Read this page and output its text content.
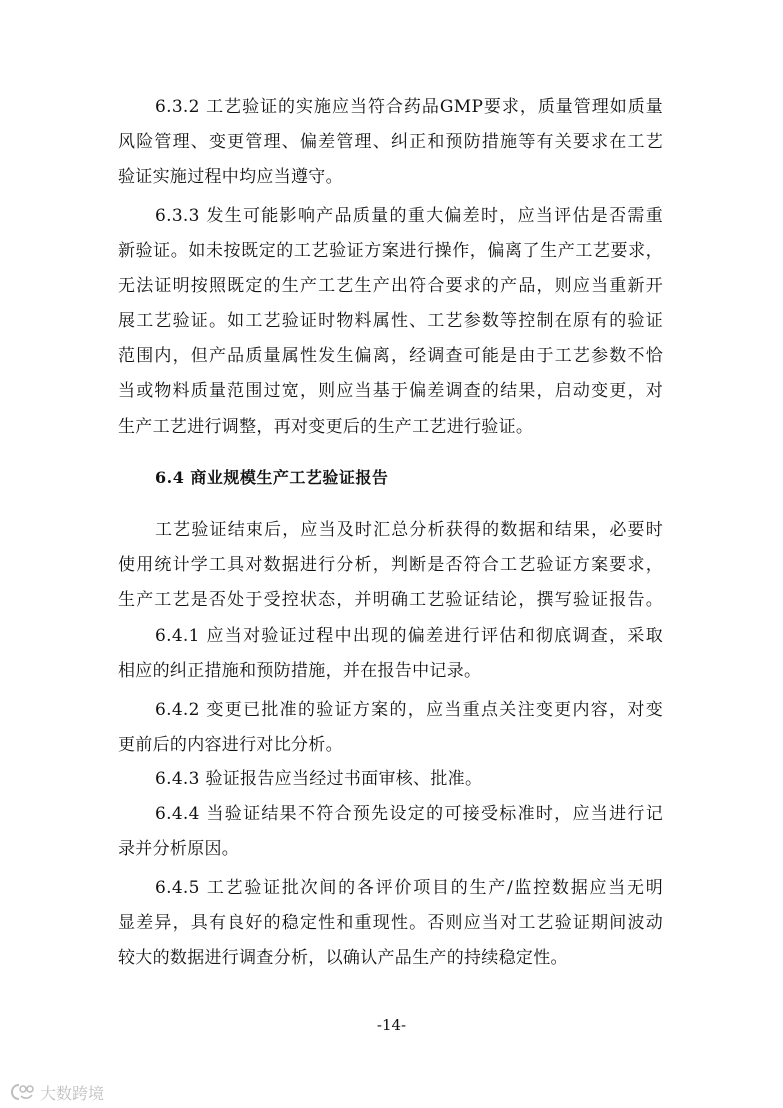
6.3.2 工艺验证的实施应当符合药品GMP要求，质量管理如质量
风险管理、变更管理、偏差管理、纠正和预防措施等有关要求在工艺
验证实施过程中均应当遵守。
6.3.3 发生可能影响产品质量的重大偏差时，应当评估是否需重
新验证。如未按既定的工艺验证方案进行操作，偏离了生产工艺要求，
无法证明按照既定的生产工艺生产出符合要求的产品，则应当重新开
展工艺验证。如工艺验证时物料属性、工艺参数等控制在原有的验证
范围内，但产品质量属性发生偏离，经调查可能是由于工艺参数不恰
当或物料质量范围过宽，则应当基于偏差调查的结果，启动变更，对
生产工艺进行调整，再对变更后的生产工艺进行验证。
6.4 商业规模生产工艺验证报告
工艺验证结束后，应当及时汇总分析获得的数据和结果，必要时
使用统计学工具对数据进行分析，判断是否符合工艺验证方案要求，
生产工艺是否处于受控状态，并明确工艺验证结论，撰写验证报告。
6.4.1 应当对验证过程中出现的偏差进行评估和彻底调查，采取
相应的纠正措施和预防措施，并在报告中记录。
6.4.2 变更已批准的验证方案的，应当重点关注变更内容，对变
更前后的内容进行对比分析。
6.4.3 验证报告应当经过书面审核、批准。
6.4.4 当验证结果不符合预先设定的可接受标准时，应当进行记
录并分析原因。
6.4.5 工艺验证批次间的各评价项目的生产/监控数据应当无明
显差异，具有良好的稳定性和重现性。否则应当对工艺验证期间波动
较大的数据进行调查分析，以确认产品生产的持续稳定性。
-14-
大数跨境
